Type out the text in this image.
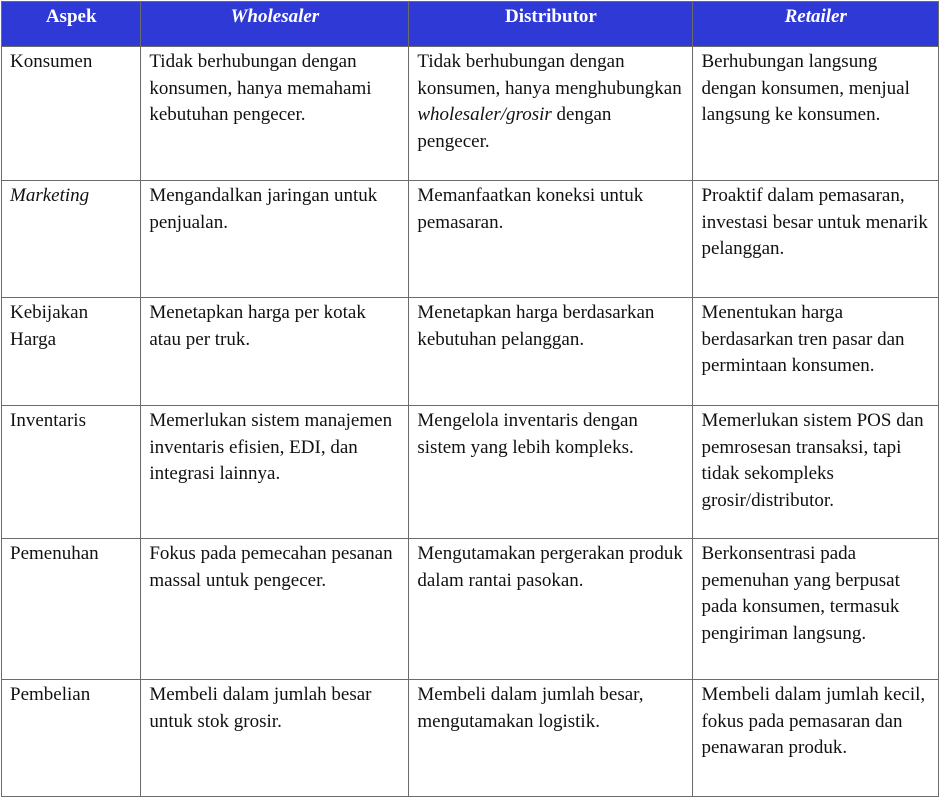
Aspek	Wholesaler	Distributor	Retailer
Konsumen	Tidak berhubungan dengan konsumen, hanya memahami kebutuhan pengecer.	Tidak berhubungan dengan konsumen, hanya menghubungkan wholesaler/grosir dengan pengecer.	Berhubungan langsung dengan konsumen, menjual langsung ke konsumen.
Marketing	Mengandalkan jaringan untuk penjualan.	Memanfaatkan koneksi untuk pemasaran.	Proaktif dalam pemasaran, investasi besar untuk menarik pelanggan.
Kebijakan Harga	Menetapkan harga per kotak atau per truk.	Menetapkan harga berdasarkan kebutuhan pelanggan.	Menentukan harga berdasarkan tren pasar dan permintaan konsumen.
Inventaris	Memerlukan sistem manajemen inventaris efisien, EDI, dan integrasi lainnya.	Mengelola inventaris dengan sistem yang lebih kompleks.	Memerlukan sistem POS dan pemrosesan transaksi, tapi tidak sekompleks grosir/distributor.
Pemenuhan	Fokus pada pemecahan pesanan massal untuk pengecer.	Mengutamakan pergerakan produk dalam rantai pasokan.	Berkonsentrasi pada pemenuhan yang berpusat pada konsumen, termasuk pengiriman langsung.
Pembelian	Membeli dalam jumlah besar untuk stok grosir.	Membeli dalam jumlah besar, mengutamakan logistik.	Membeli dalam jumlah kecil, fokus pada pemasaran dan penawaran produk.
